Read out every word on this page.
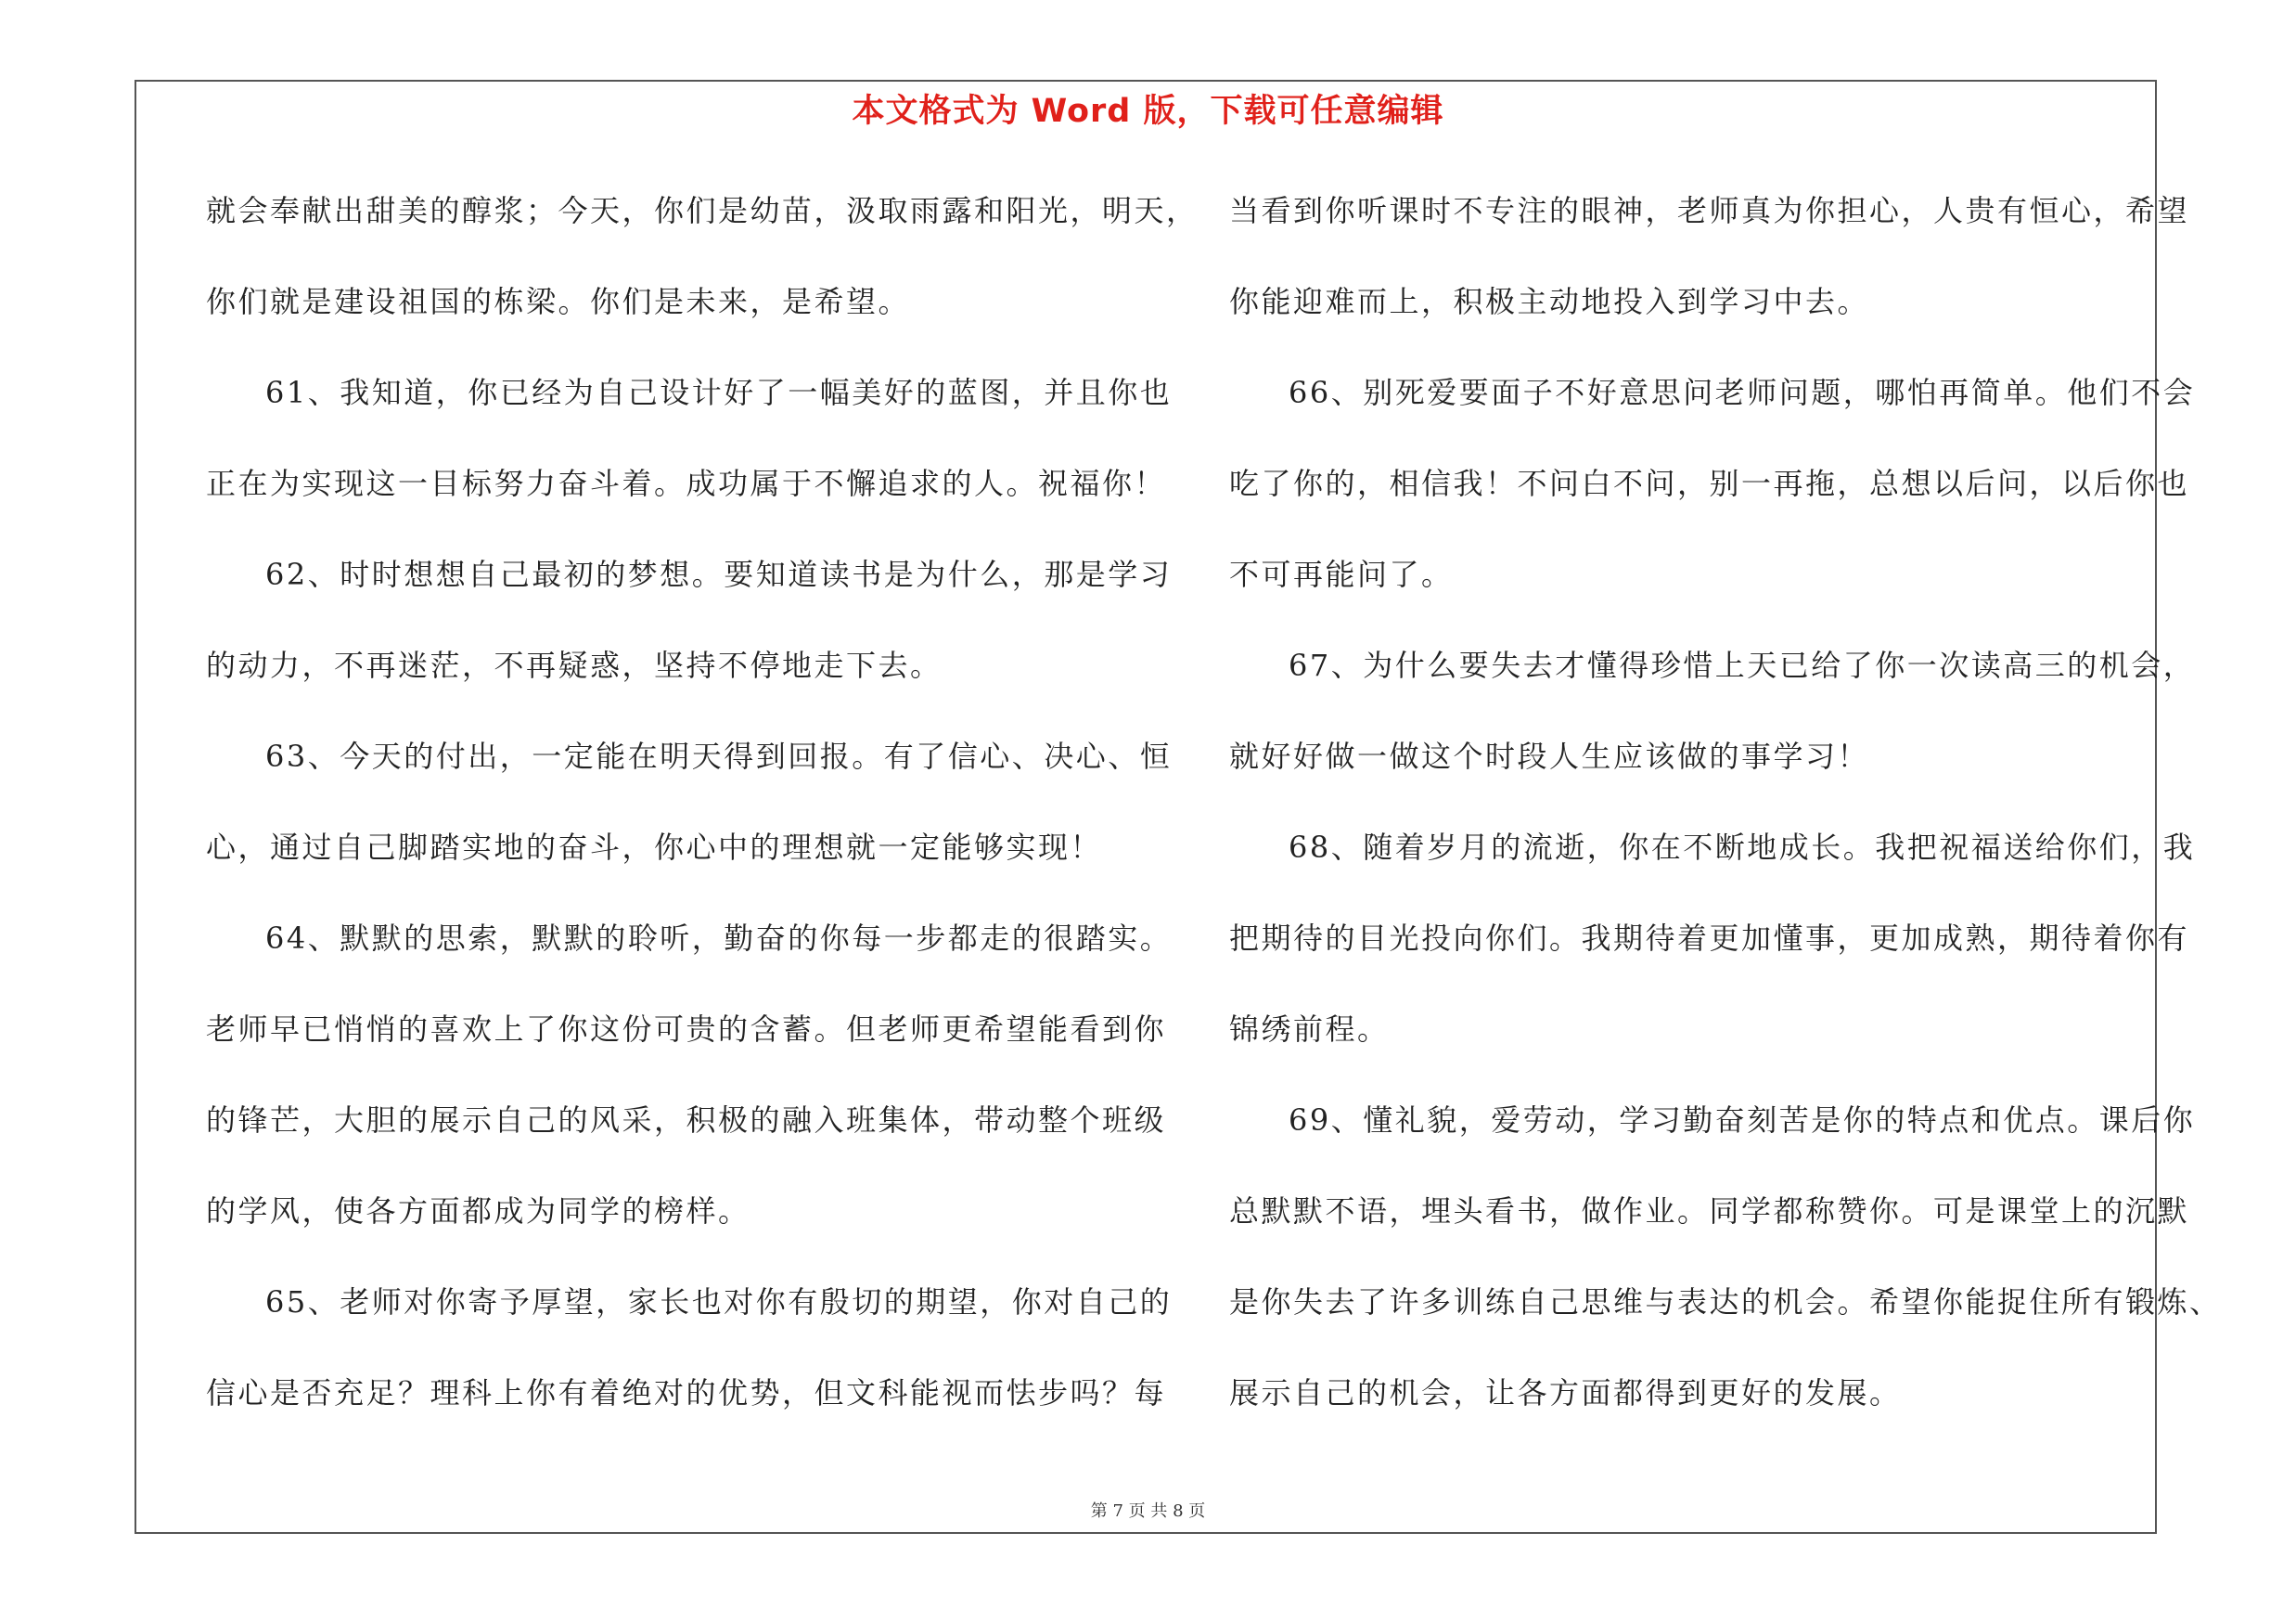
本文格式为 Word 版，下载可任意编辑
就会奉献出甜美的醇浆；今天，你们是幼苗，汲取雨露和阳光，明天，
你们就是建设祖国的栋梁。你们是未来，是希望。
61、我知道，你已经为自己设计好了一幅美好的蓝图，并且你也
正在为实现这一目标努力奋斗着。成功属于不懈追求的人。祝福你！
62、时时想想自己最初的梦想。要知道读书是为什么，那是学习
的动力，不再迷茫，不再疑惑，坚持不停地走下去。
63、今天的付出，一定能在明天得到回报。有了信心、决心、恒
心，通过自己脚踏实地的奋斗，你心中的理想就一定能够实现！
64、默默的思索，默默的聆听，勤奋的你每一步都走的很踏实。
老师早已悄悄的喜欢上了你这份可贵的含蓄。但老师更希望能看到你
的锋芒，大胆的展示自己的风采，积极的融入班集体，带动整个班级
的学风，使各方面都成为同学的榜样。
65、老师对你寄予厚望，家长也对你有殷切的期望，你对自己的
信心是否充足？理科上你有着绝对的优势，但文科能视而怯步吗？每
当看到你听课时不专注的眼神，老师真为你担心，人贵有恒心，希望
你能迎难而上，积极主动地投入到学习中去。
66、别死爱要面子不好意思问老师问题，哪怕再简单。他们不会
吃了你的，相信我！不问白不问，别一再拖，总想以后问，以后你也
不可再能问了。
67、为什么要失去才懂得珍惜上天已给了你一次读高三的机会，
就好好做一做这个时段人生应该做的事学习！
68、随着岁月的流逝，你在不断地成长。我把祝福送给你们，我
把期待的目光投向你们。我期待着更加懂事，更加成熟，期待着你有
锦绣前程。
69、懂礼貌，爱劳动，学习勤奋刻苦是你的特点和优点。课后你
总默默不语，埋头看书，做作业。同学都称赞你。可是课堂上的沉默
是你失去了许多训练自己思维与表达的机会。希望你能捉住所有锻炼、
展示自己的机会，让各方面都得到更好的发展。
第 7 页 共 8 页
